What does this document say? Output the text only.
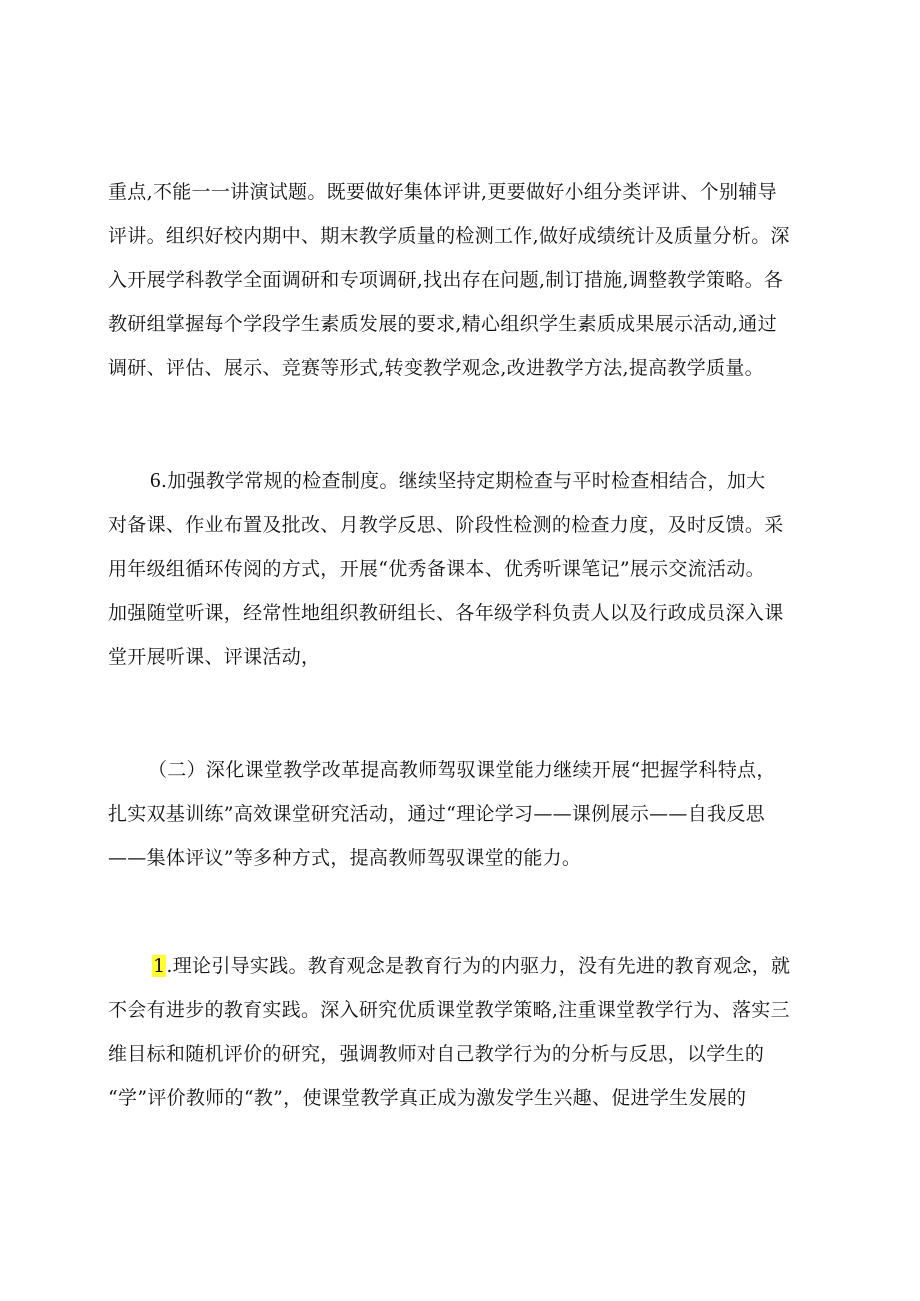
重点,不能一一讲演试题。既要做好集体评讲,更要做好小组分类评讲、个别辅导
评讲。组织好校内期中、期末教学质量的检测工作,做好成绩统计及质量分析。深
入开展学科教学全面调研和专项调研,找出存在问题,制订措施,调整教学策略。各
教研组掌握每个学段学生素质发展的要求,精心组织学生素质成果展示活动,通过
调研、评估、展示、竞赛等形式,转变教学观念,改进教学方法,提高教学质量。
6.加强教学常规的检查制度。继续坚持定期检查与平时检查相结合，加大
对备课、作业布置及批改、月教学反思、阶段性检测的检查力度，及时反馈。采
用年级组循环传阅的方式，开展“优秀备课本、优秀听课笔记”展示交流活动。
加强随堂听课，经常性地组织教研组长、各年级学科负责人以及行政成员深入课
堂开展听课、评课活动，
（二）深化课堂教学改革提高教师驾驭课堂能力继续开展“把握学科特点，
扎实双基训练”高效课堂研究活动，通过“理论学习——课例展示——自我反思
——集体评议”等多种方式，提高教师驾驭课堂的能力。
1.理论引导实践。教育观念是教育行为的内驱力，没有先进的教育观念，就
不会有进步的教育实践。深入研究优质课堂教学策略,注重课堂教学行为、落实三
维目标和随机评价的研究，强调教师对自己教学行为的分析与反思，以学生的
“学”评价教师的“教”，使课堂教学真正成为激发学生兴趣、促进学生发展的
